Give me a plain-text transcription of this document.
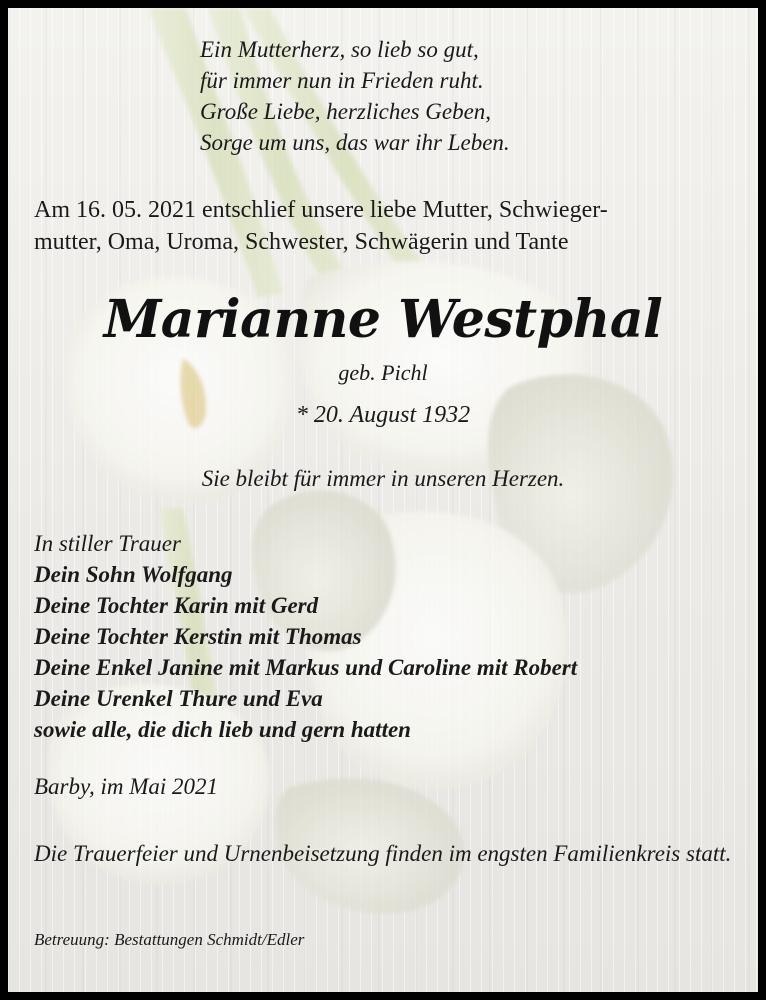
Ein Mutterherz, so lieb so gut,
für immer nun in Frieden ruht.
Große Liebe, herzliches Geben,
Sorge um uns, das war ihr Leben.
Am 16. 05. 2021 entschlief unsere liebe Mutter, Schwieger-
mutter, Oma, Uroma, Schwester, Schwägerin und Tante
Marianne Westphal
geb. Pichl
* 20. August 1932
Sie bleibt für immer in unseren Herzen.
In stiller Trauer
Dein Sohn Wolfgang
Deine Tochter Karin mit Gerd
Deine Tochter Kerstin mit Thomas
Deine Enkel Janine mit Markus und Caroline mit Robert
Deine Urenkel Thure und Eva
sowie alle, die dich lieb und gern hatten
Barby, im Mai 2021
Die Trauerfeier und Urnenbeisetzung finden im engsten Familienkreis statt.
Betreuung: Bestattungen Schmidt/Edler
